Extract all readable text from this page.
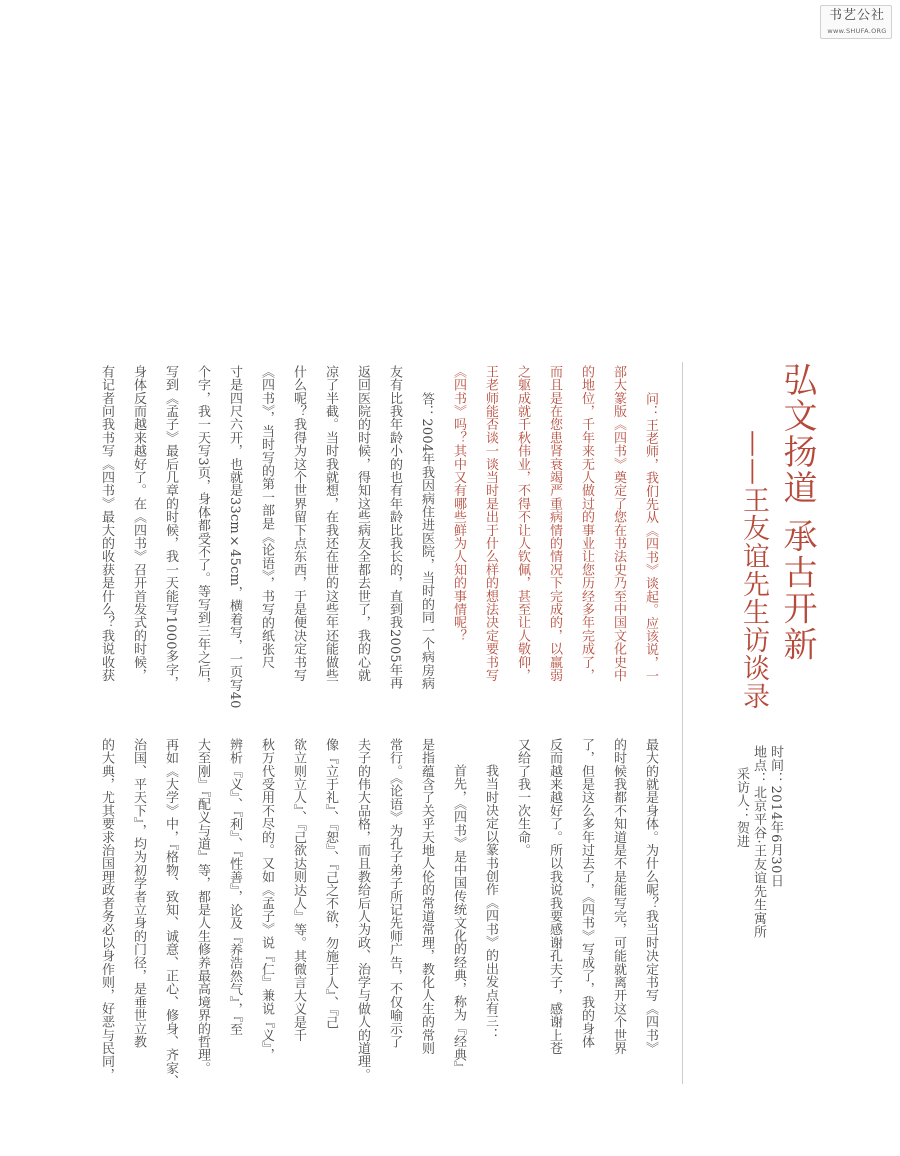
书艺公社
www.SHUFA.ORG
弘文扬道 承古开新
——王友谊先生访谈录
时间：2014年6月30日
地点：北京平谷·王友谊先生寓所
采访人：贺进
问：王老师，我们先从《四书》谈起。应该说，一
部大篆版《四书》奠定了您在书法史乃至中国文化史中
的地位，千年来无人做过的事业让您历经多年完成了，
而且是在您患肾衰竭严重病情的情况下完成的，以羸弱
之躯成就千秋伟业，不得不让人钦佩，甚至让人敬仰，
王老师能否谈一谈当时是出于什么样的想法决定要书写
《四书》吗？其中又有哪些鲜为人知的事情呢？
答：2004年我因病住进医院，当时的同一个病房病
友有比我年龄小的也有年龄比我长的，直到我2005年再
返回医院的时候，得知这些病友全都去世了，我的心就
凉了半截。当时我就想，在我还在世的这些年还能做些
什么呢？我得为这个世界留下点东西，于是便决定书写
《四书》，当时写的第一部是《论语》，书写的纸张尺
寸是四尺六开，也就是33cm×45cm，横着写，一页写40
个字，我一天写3页，身体都受不了。等写到三年之后，
写到《孟子》最后几章的时候，我一天能写1000多字，
身体反而越来越好了。在《四书》召开首发式的时候，
有记者问我书写《四书》最大的收获是什么？我说收获
最大的就是身体。为什么呢？我当时决定书写《四书》
的时候我都不知道是不是能写完，可能就离开这个世界
了，但是这么多年过去了，《四书》写成了，我的身体
反而越来越好了。所以我说我要感谢孔夫子，感谢上苍
又给了我一次生命。
我当时决定以篆书创作《四书》的出发点有三：
首先，《四书》是中国传统文化的经典，称为『经典』
是指蕴含了关乎天地人伦的常道常理，教化人生的常则
常行。《论语》为孔子弟子所记先师广告，不仅喻示了
夫子的伟大品格，而且教给后人为政、治学与做人的道理。
像『立于礼』、『恕』、『己之不欲，勿施于人』、『己
欲立则立人』、『己欲达则达人』等。其微言大义是千
秋万代受用不尽的。又如《孟子》说『仁』兼说『义』，
辨析『义』、『利』、『性善』，论及『养浩然气』，『至
大至刚』『配义与道』等，都是人生修养最高境界的哲理。
再如《大学》中，『格物、致知、诚意、正心、修身、齐家、
治国、平天下』，均为初学者立身的门径，是垂世立教
的大典，尤其要求治国理政者务必以身作则，好恶与民同，
